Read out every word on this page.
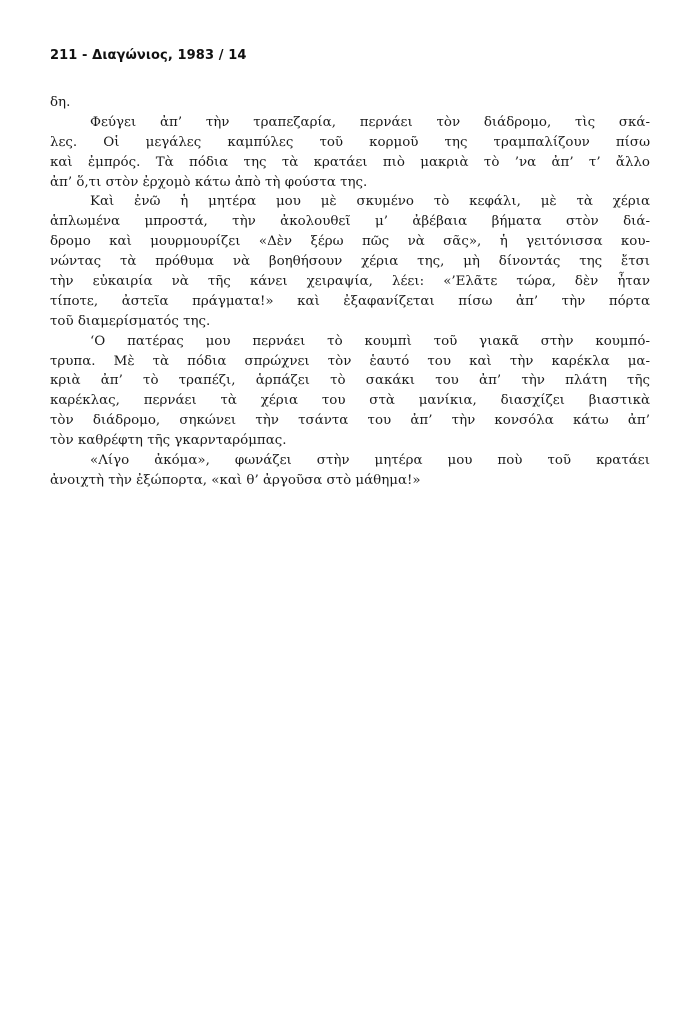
211 - Διαγώνιος, 1983 / 14
δη.
Φεύγει ἀπ’ τὴν τραπεζαρία, περνάει τὸν διάδρομο, τὶς σκά-
λες. Οἱ μεγάλες καμπύλες τοῦ κορμοῦ της τραμπαλίζουν πίσω
καὶ ἐμπρός. Τὰ πόδια της τὰ κρατάει πιὸ μακριὰ τὸ ’να ἀπ’ τ’ ἄλλο
ἀπ’ ὅ,τι στὸν ἐρχομὸ κάτω ἀπὸ τὴ φούστα της.
Καὶ ἐνῶ ἡ μητέρα μου μὲ σκυμένο τὸ κεφάλι, μὲ τὰ χέρια
ἁπλωμένα μπροστά, τὴν ἀκολουθεῖ μ’ ἀβέβαια βήματα στὸν διά-
δρομο καὶ μουρμουρίζει «Δὲν ξέρω πῶς νὰ σᾶς», ἡ γειτόνισσα κου-
νώντας τὰ πρόθυμα νὰ βοηθήσουν χέρια της, μὴ δίνοντάς της ἔτσι
τὴν εὐκαιρία νὰ τῆς κάνει χειραψία, λέει: «’Ελᾶτε τώρα, δὲν ἦταν
τίποτε, ἀστεῖα πράγματα!» καὶ ἐξαφανίζεται πίσω ἀπ’ τὴν πόρτα
τοῦ διαμερίσματός της.
‘Ο πατέρας μου περνάει τὸ κουμπὶ τοῦ γιακᾶ στὴν κουμπό-
τρυπα. Μὲ τὰ πόδια σπρώχνει τὸν ἑαυτό του καὶ τὴν καρέκλα μα-
κριὰ ἀπ’ τὸ τραπέζι, ἁρπάζει τὸ σακάκι του ἀπ’ τὴν πλάτη τῆς
καρέκλας, περνάει τὰ χέρια του στὰ μανίκια, διασχίζει βιαστικὰ
τὸν διάδρομο, σηκώνει τὴν τσάντα του ἀπ’ τὴν κονσόλα κάτω ἀπ’
τὸν καθρέφτη τῆς γκαρνταρόμπας.
«Λίγο ἀκόμα», φωνάζει στὴν μητέρα μου ποὺ τοῦ κρατάει
ἀνοιχτὴ τὴν ἐξώπορτα, «καὶ θ’ ἀργοῦσα στὸ μάθημα!»
